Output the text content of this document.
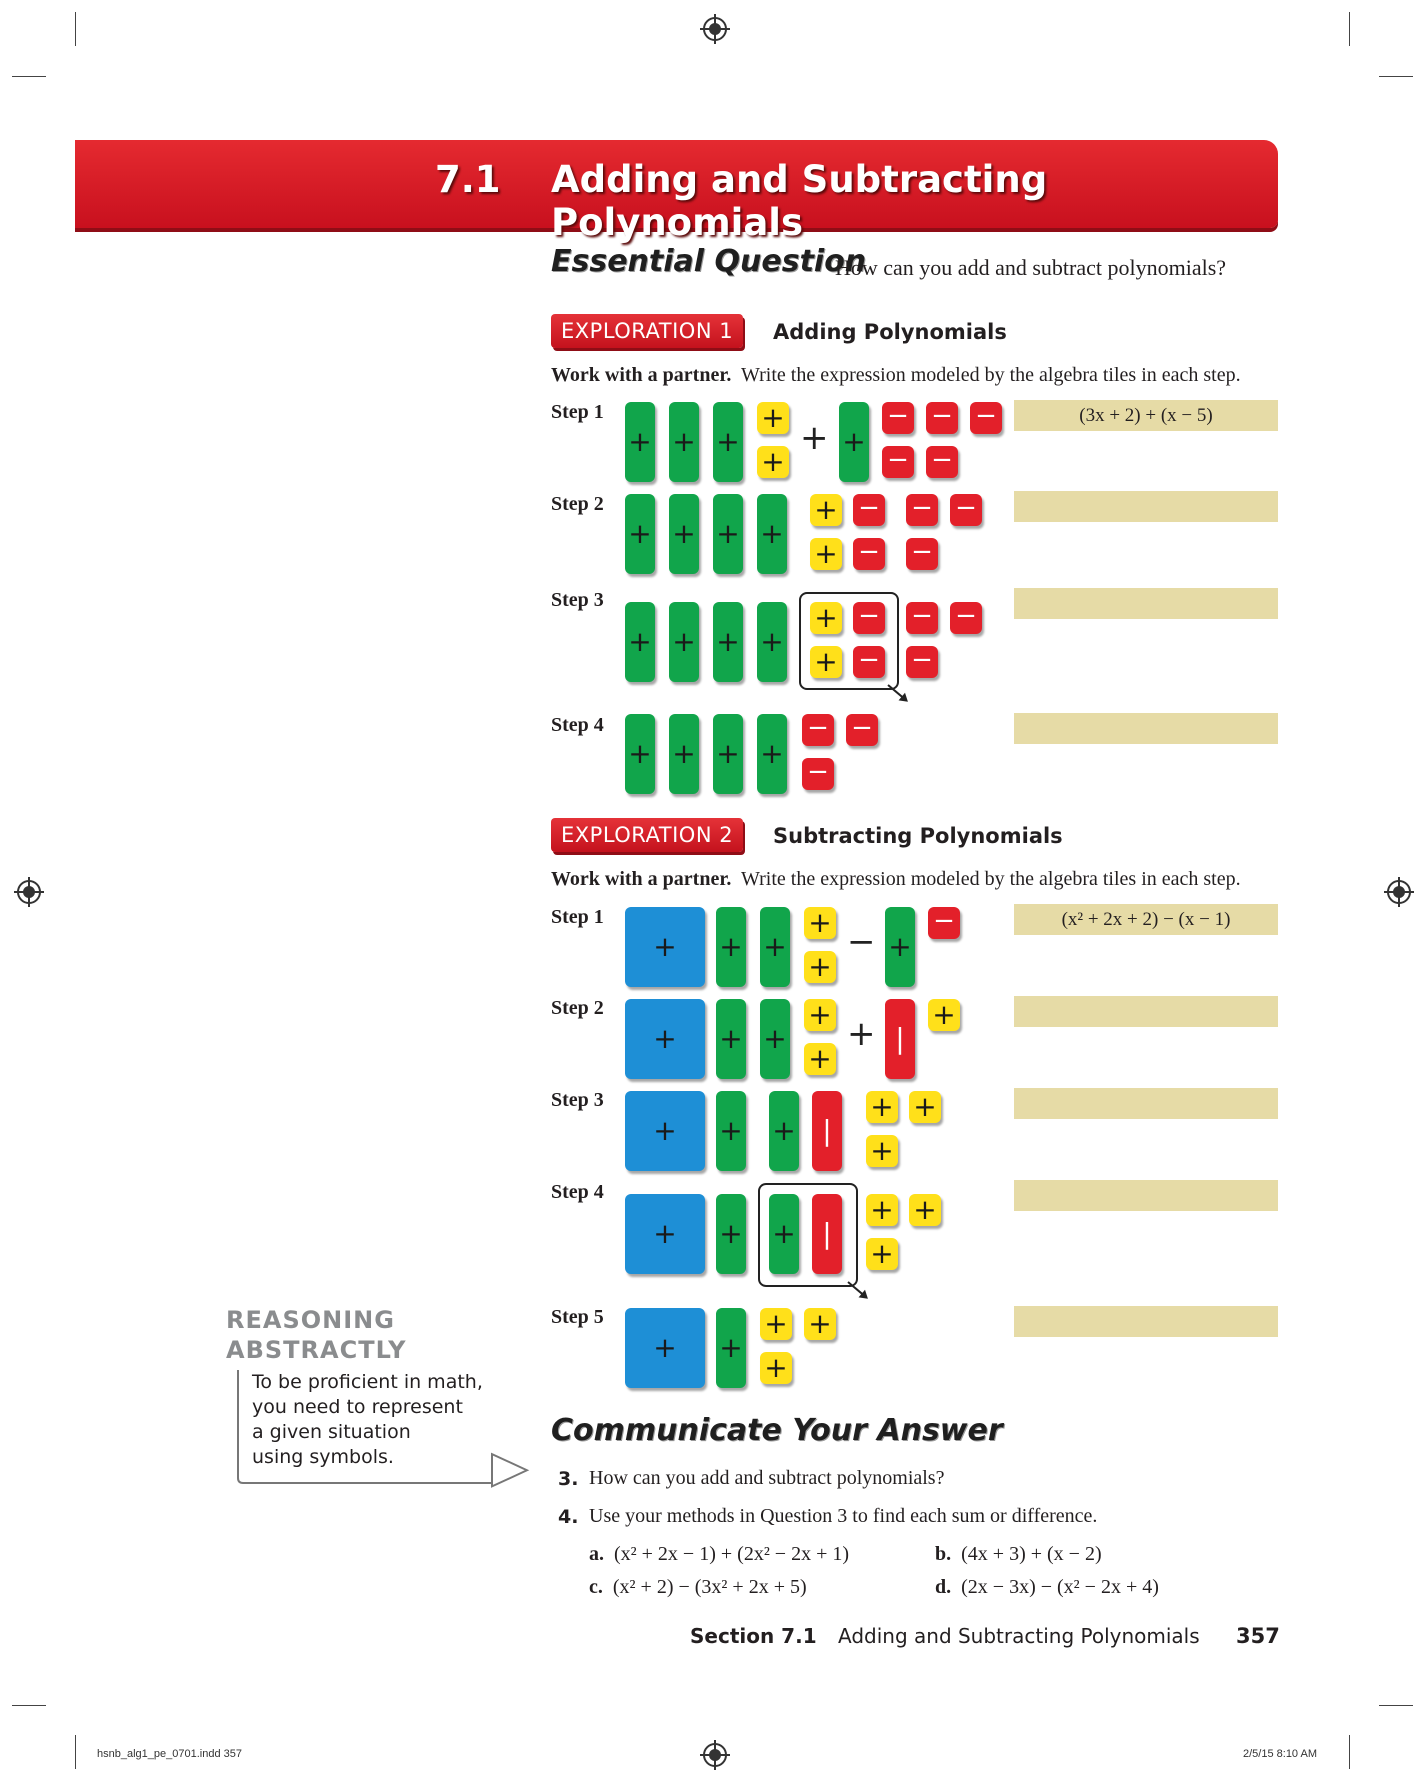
7.1 Adding and Subtracting Polynomials
Essential Question
How can you add and subtract polynomials?
EXPLORATION 1	Adding Polynomials
Work with a partner. Write the expression modeled by the algebra tiles in each step.
Step 1
Step 2
Step 3
Step 4
(3x + 2) + (x − 5)
EXPLORATION 2	Subtracting Polynomials
Work with a partner. Write the expression modeled by the algebra tiles in each step.
Step 1
Step 2
Step 3
Step 4
Step 5
(x² + 2x + 2) − (x − 1)
+ + +
+
+
+ +
− − −
− −
+ + + +
+
+
−
−
− −
−
+ + + +
+
+
−
−
− −
−
+ + + +
− −
−
+	+ +
+
+
− +
−
+	+ +
+
+
+ |
+
+	+ + |
+ +
+
+	+ + |
+ +
+
+	+
+ +
+
REASONING
ABSTRACTLY
To be proficient in math,
you need to represent
a given situation
using symbols.
Communicate Your Answer
3. How can you add and subtract polynomials?
4. Use your methods in Question 3 to find each sum or difference.
a. (x² + 2x − 1) + (2x² − 2x + 1)	b. (4x + 3) + (x − 2)
c. (x² + 2) − (3x² + 2x + 5)	d. (2x − 3x) − (x² − 2x + 4)
Section 7.1 Adding and Subtracting Polynomials 357
hsnb_alg1_pe_0701.indd 357	2/5/15 8:10 AM
